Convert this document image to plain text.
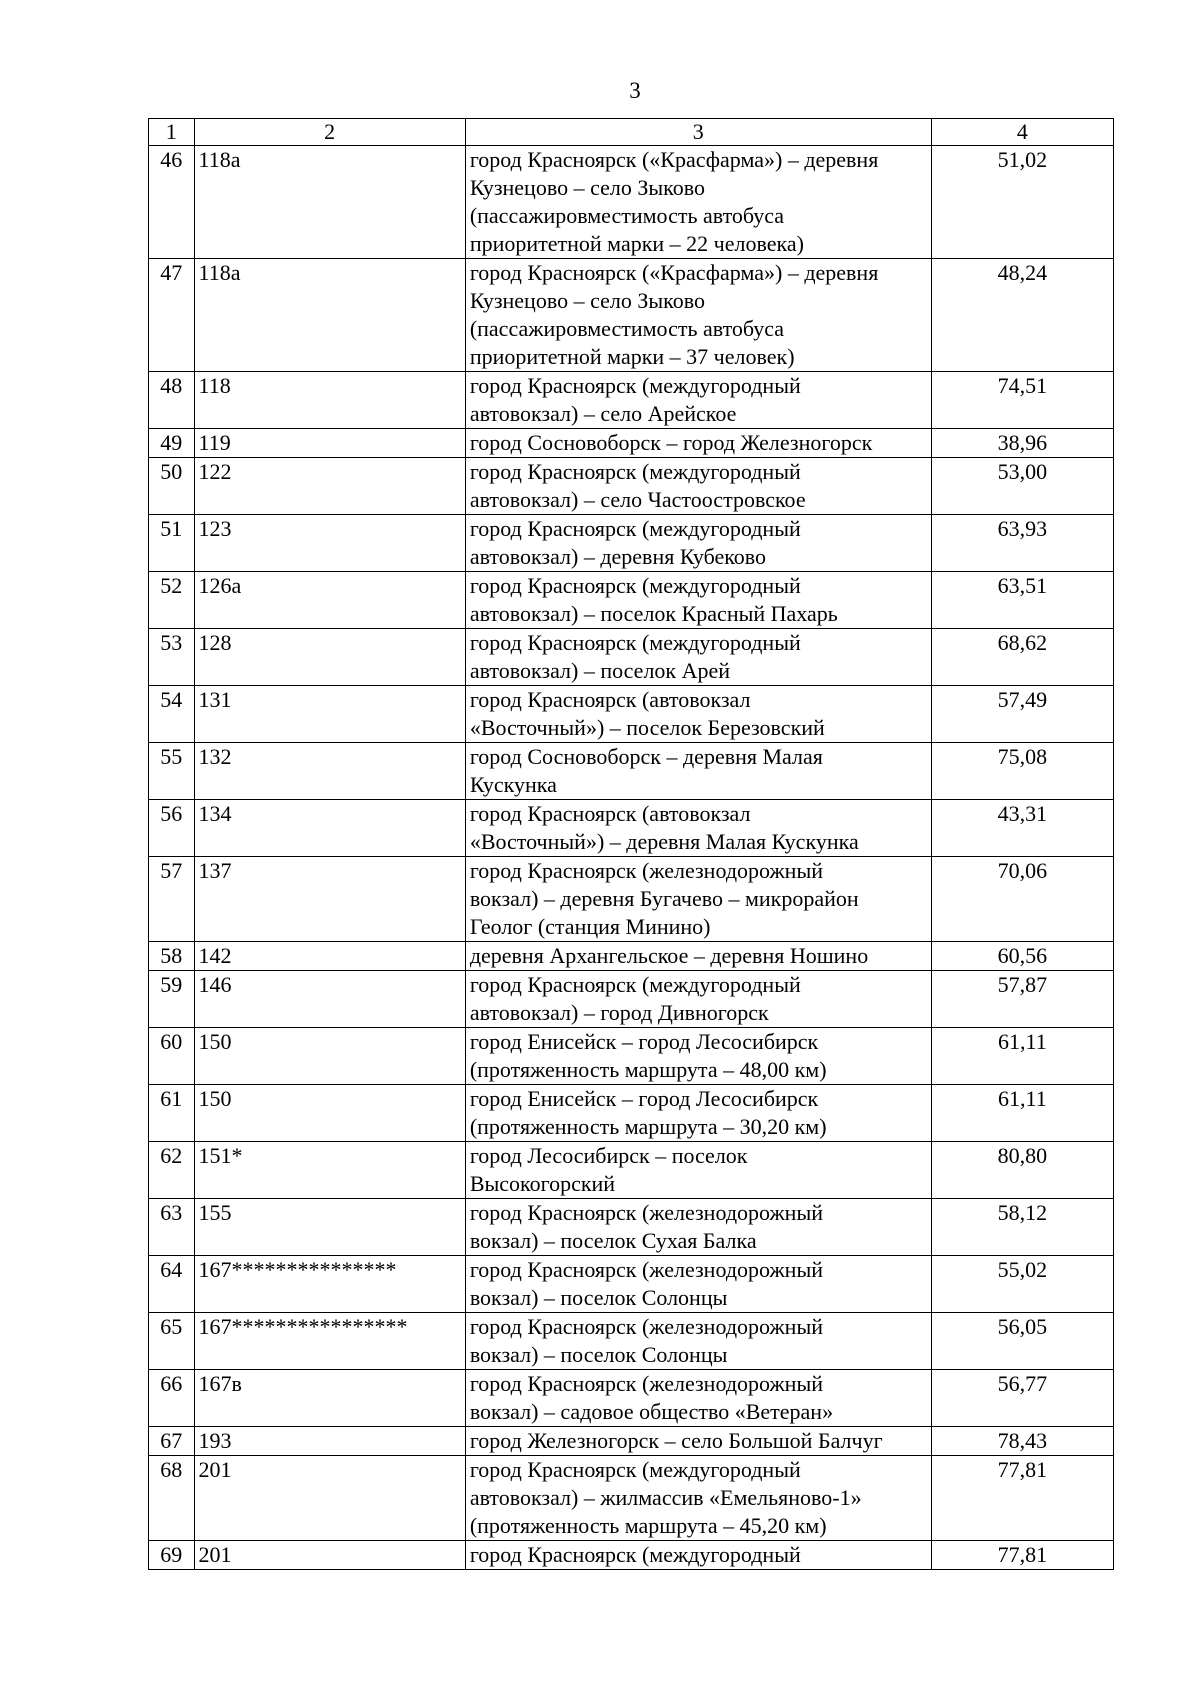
3
1	2	3	4
46	118а	город Красноярск («Красфарма») – деревня
Кузнецово – село Зыково
(пассажировместимость автобуса
приоритетной марки – 22 человека)	51,02
47	118а	город Красноярск («Красфарма») – деревня
Кузнецово – село Зыково
(пассажировместимость автобуса
приоритетной марки – 37 человек)	48,24
48	118	город Красноярск (междугородный
автовокзал) – село Арейское	74,51
49	119	город Сосновоборск – город Железногорск	38,96
50	122	город Красноярск (междугородный
автовокзал) – село Частоостровское	53,00
51	123	город Красноярск (междугородный
автовокзал) – деревня Кубеково	63,93
52	126а	город Красноярск (междугородный
автовокзал) – поселок Красный Пахарь	63,51
53	128	город Красноярск (междугородный
автовокзал) – поселок Арей	68,62
54	131	город Красноярск (автовокзал
«Восточный») – поселок Березовский	57,49
55	132	город Сосновоборск – деревня Малая
Кускунка	75,08
56	134	город Красноярск (автовокзал
«Восточный») – деревня Малая Кускунка	43,31
57	137	город Красноярск (железнодорожный
вокзал) – деревня Бугачево – микрорайон
Геолог (станция Минино)	70,06
58	142	деревня Архангельское – деревня Ношино	60,56
59	146	город Красноярск (междугородный
автовокзал) – город Дивногорск	57,87
60	150	город Енисейск – город Лесосибирск
(протяженность маршрута – 48,00 км)	61,11
61	150	город Енисейск – город Лесосибирск
(протяженность маршрута – 30,20 км)	61,11
62	151*	город Лесосибирск – поселок
Высокогорский	80,80
63	155	город Красноярск (железнодорожный
вокзал) – поселок Сухая Балка	58,12
64	167***************	город Красноярск (железнодорожный
вокзал) – поселок Солонцы	55,02
65	167****************	город Красноярск (железнодорожный
вокзал) – поселок Солонцы	56,05
66	167в	город Красноярск (железнодорожный
вокзал) – садовое общество «Ветеран»	56,77
67	193	город Железногорск – село Большой Балчуг	78,43
68	201	город Красноярск (междугородный
автовокзал) – жилмассив «Емельяново-1»
(протяженность маршрута – 45,20 км)	77,81
69	201	город Красноярск (междугородный	77,81
